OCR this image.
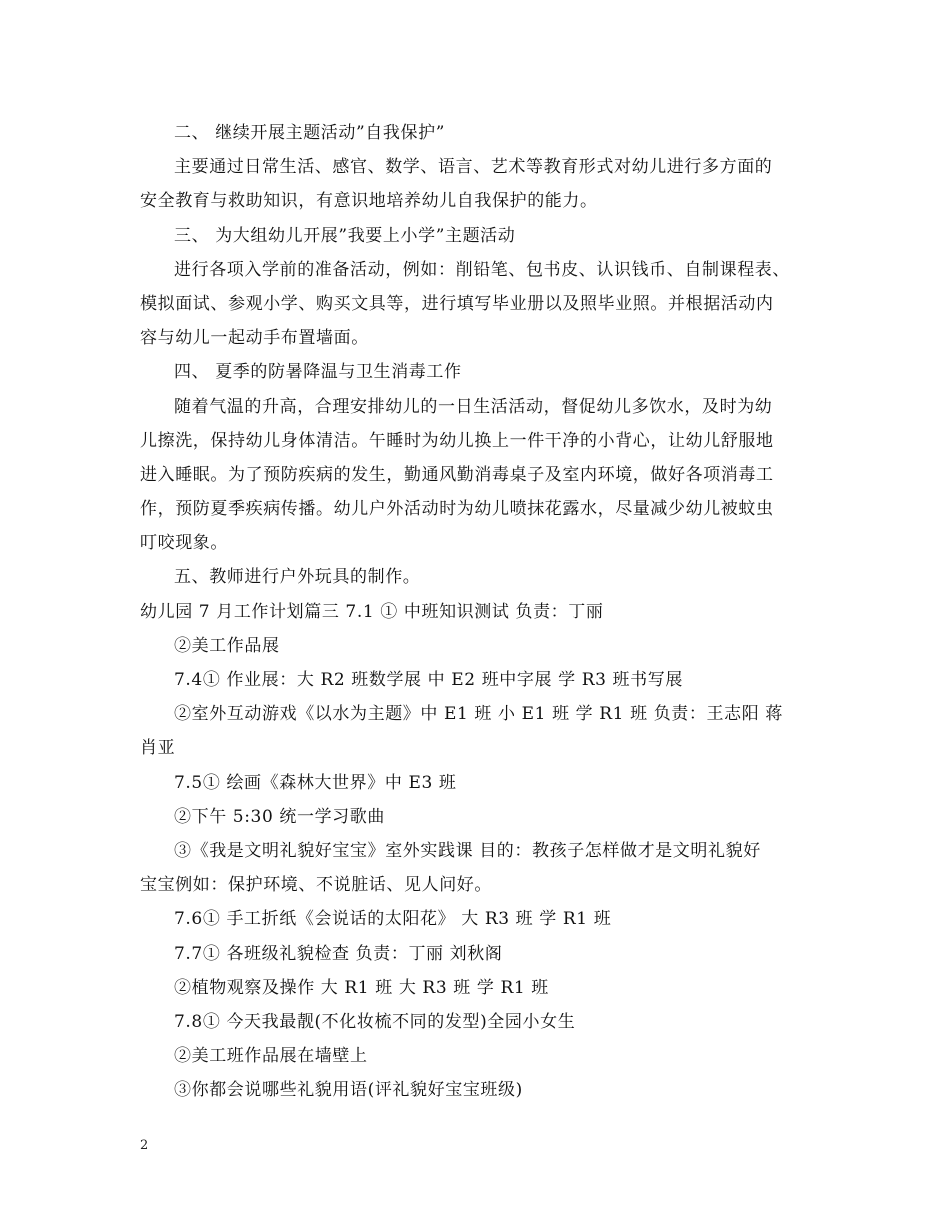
二、 继续开展主题活动”自我保护”
主要通过日常生活、感官、数学、语言、艺术等教育形式对幼儿进行多方面的
安全教育与救助知识，有意识地培养幼儿自我保护的能力。
三、 为大组幼儿开展”我要上小学”主题活动
进行各项入学前的准备活动，例如：削铅笔、包书皮、认识钱币、自制课程表、
模拟面试、参观小学、购买文具等，进行填写毕业册以及照毕业照。并根据活动内
容与幼儿一起动手布置墙面。
四、 夏季的防暑降温与卫生消毒工作
随着气温的升高，合理安排幼儿的一日生活活动，督促幼儿多饮水，及时为幼
儿擦洗，保持幼儿身体清洁。午睡时为幼儿换上一件干净的小背心，让幼儿舒服地
进入睡眠。为了预防疾病的发生，勤通风勤消毒桌子及室内环境，做好各项消毒工
作，预防夏季疾病传播。幼儿户外活动时为幼儿喷抹花露水，尽量减少幼儿被蚊虫
叮咬现象。
五、教师进行户外玩具的制作。
幼儿园 7 月工作计划篇三 7.1 ① 中班知识测试 负责：丁丽
②美工作品展
7.4① 作业展：大 R2 班数学展 中 E2 班中字展 学 R3 班书写展
②室外互动游戏《以水为主题》中 E1 班 小 E1 班 学 R1 班 负责：王志阳 蒋
肖亚
7.5① 绘画《森林大世界》中 E3 班
②下午 5:30 统一学习歌曲
③《我是文明礼貌好宝宝》室外实践课 目的：教孩子怎样做才是文明礼貌好
宝宝例如：保护环境、不说脏话、见人问好。
7.6① 手工折纸《会说话的太阳花》 大 R3 班 学 R1 班
7.7① 各班级礼貌检查 负责：丁丽 刘秋阁
②植物观察及操作 大 R1 班 大 R3 班 学 R1 班
7.8① 今天我最靓(不化妆梳不同的发型)全园小女生
②美工班作品展在墙壁上
③你都会说哪些礼貌用语(评礼貌好宝宝班级)
2
